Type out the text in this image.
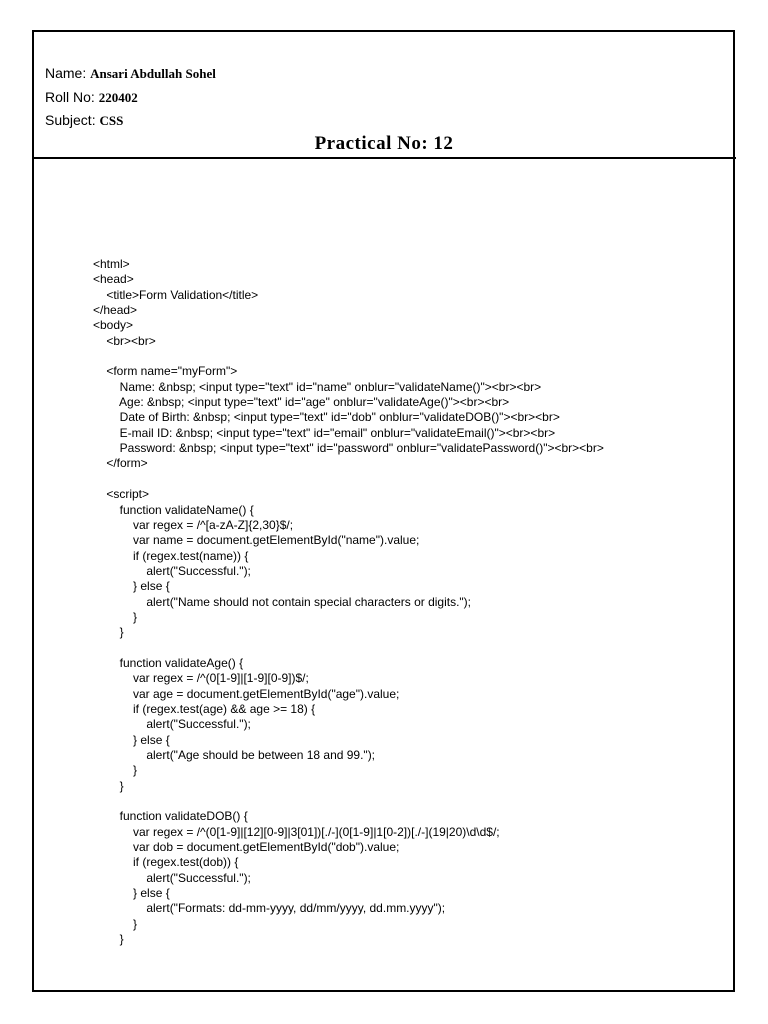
Name: Ansari Abdullah Sohel
Roll No: 220402
Subject: CSS
Practical No: 12
<html>
<head>
<title>Form Validation</title>
</head>
<body>
<br><br>
<form name="myForm">
Name: &nbsp; <input type="text" id="name" onblur="validateName()"><br><br>
Age: &nbsp; <input type="text" id="age" onblur="validateAge()"><br><br>
Date of Birth: &nbsp; <input type="text" id="dob" onblur="validateDOB()"><br><br>
E-mail ID: &nbsp; <input type="text" id="email" onblur="validateEmail()"><br><br>
Password: &nbsp; <input type="text" id="password" onblur="validatePassword()"><br><br>
</form>
<script>
function validateName() {
var regex = /^[a-zA-Z]{2,30}$/;
var name = document.getElementById("name").value;
if (regex.test(name)) {
alert("Successful.");
} else {
alert("Name should not contain special characters or digits.");
}
}
function validateAge() {
var regex = /^(0[1-9]|[1-9][0-9])$/;
var age = document.getElementById("age").value;
if (regex.test(age) && age >= 18) {
alert("Successful.");
} else {
alert("Age should be between 18 and 99.");
}
}
function validateDOB() {
var regex = /^(0[1-9]|[12][0-9]|3[01])[./-](0[1-9]|1[0-2])[./-](19|20)\d\d$/;
var dob = document.getElementById("dob").value;
if (regex.test(dob)) {
alert("Successful.");
} else {
alert("Formats: dd-mm-yyyy, dd/mm/yyyy, dd.mm.yyyy");
}
}
